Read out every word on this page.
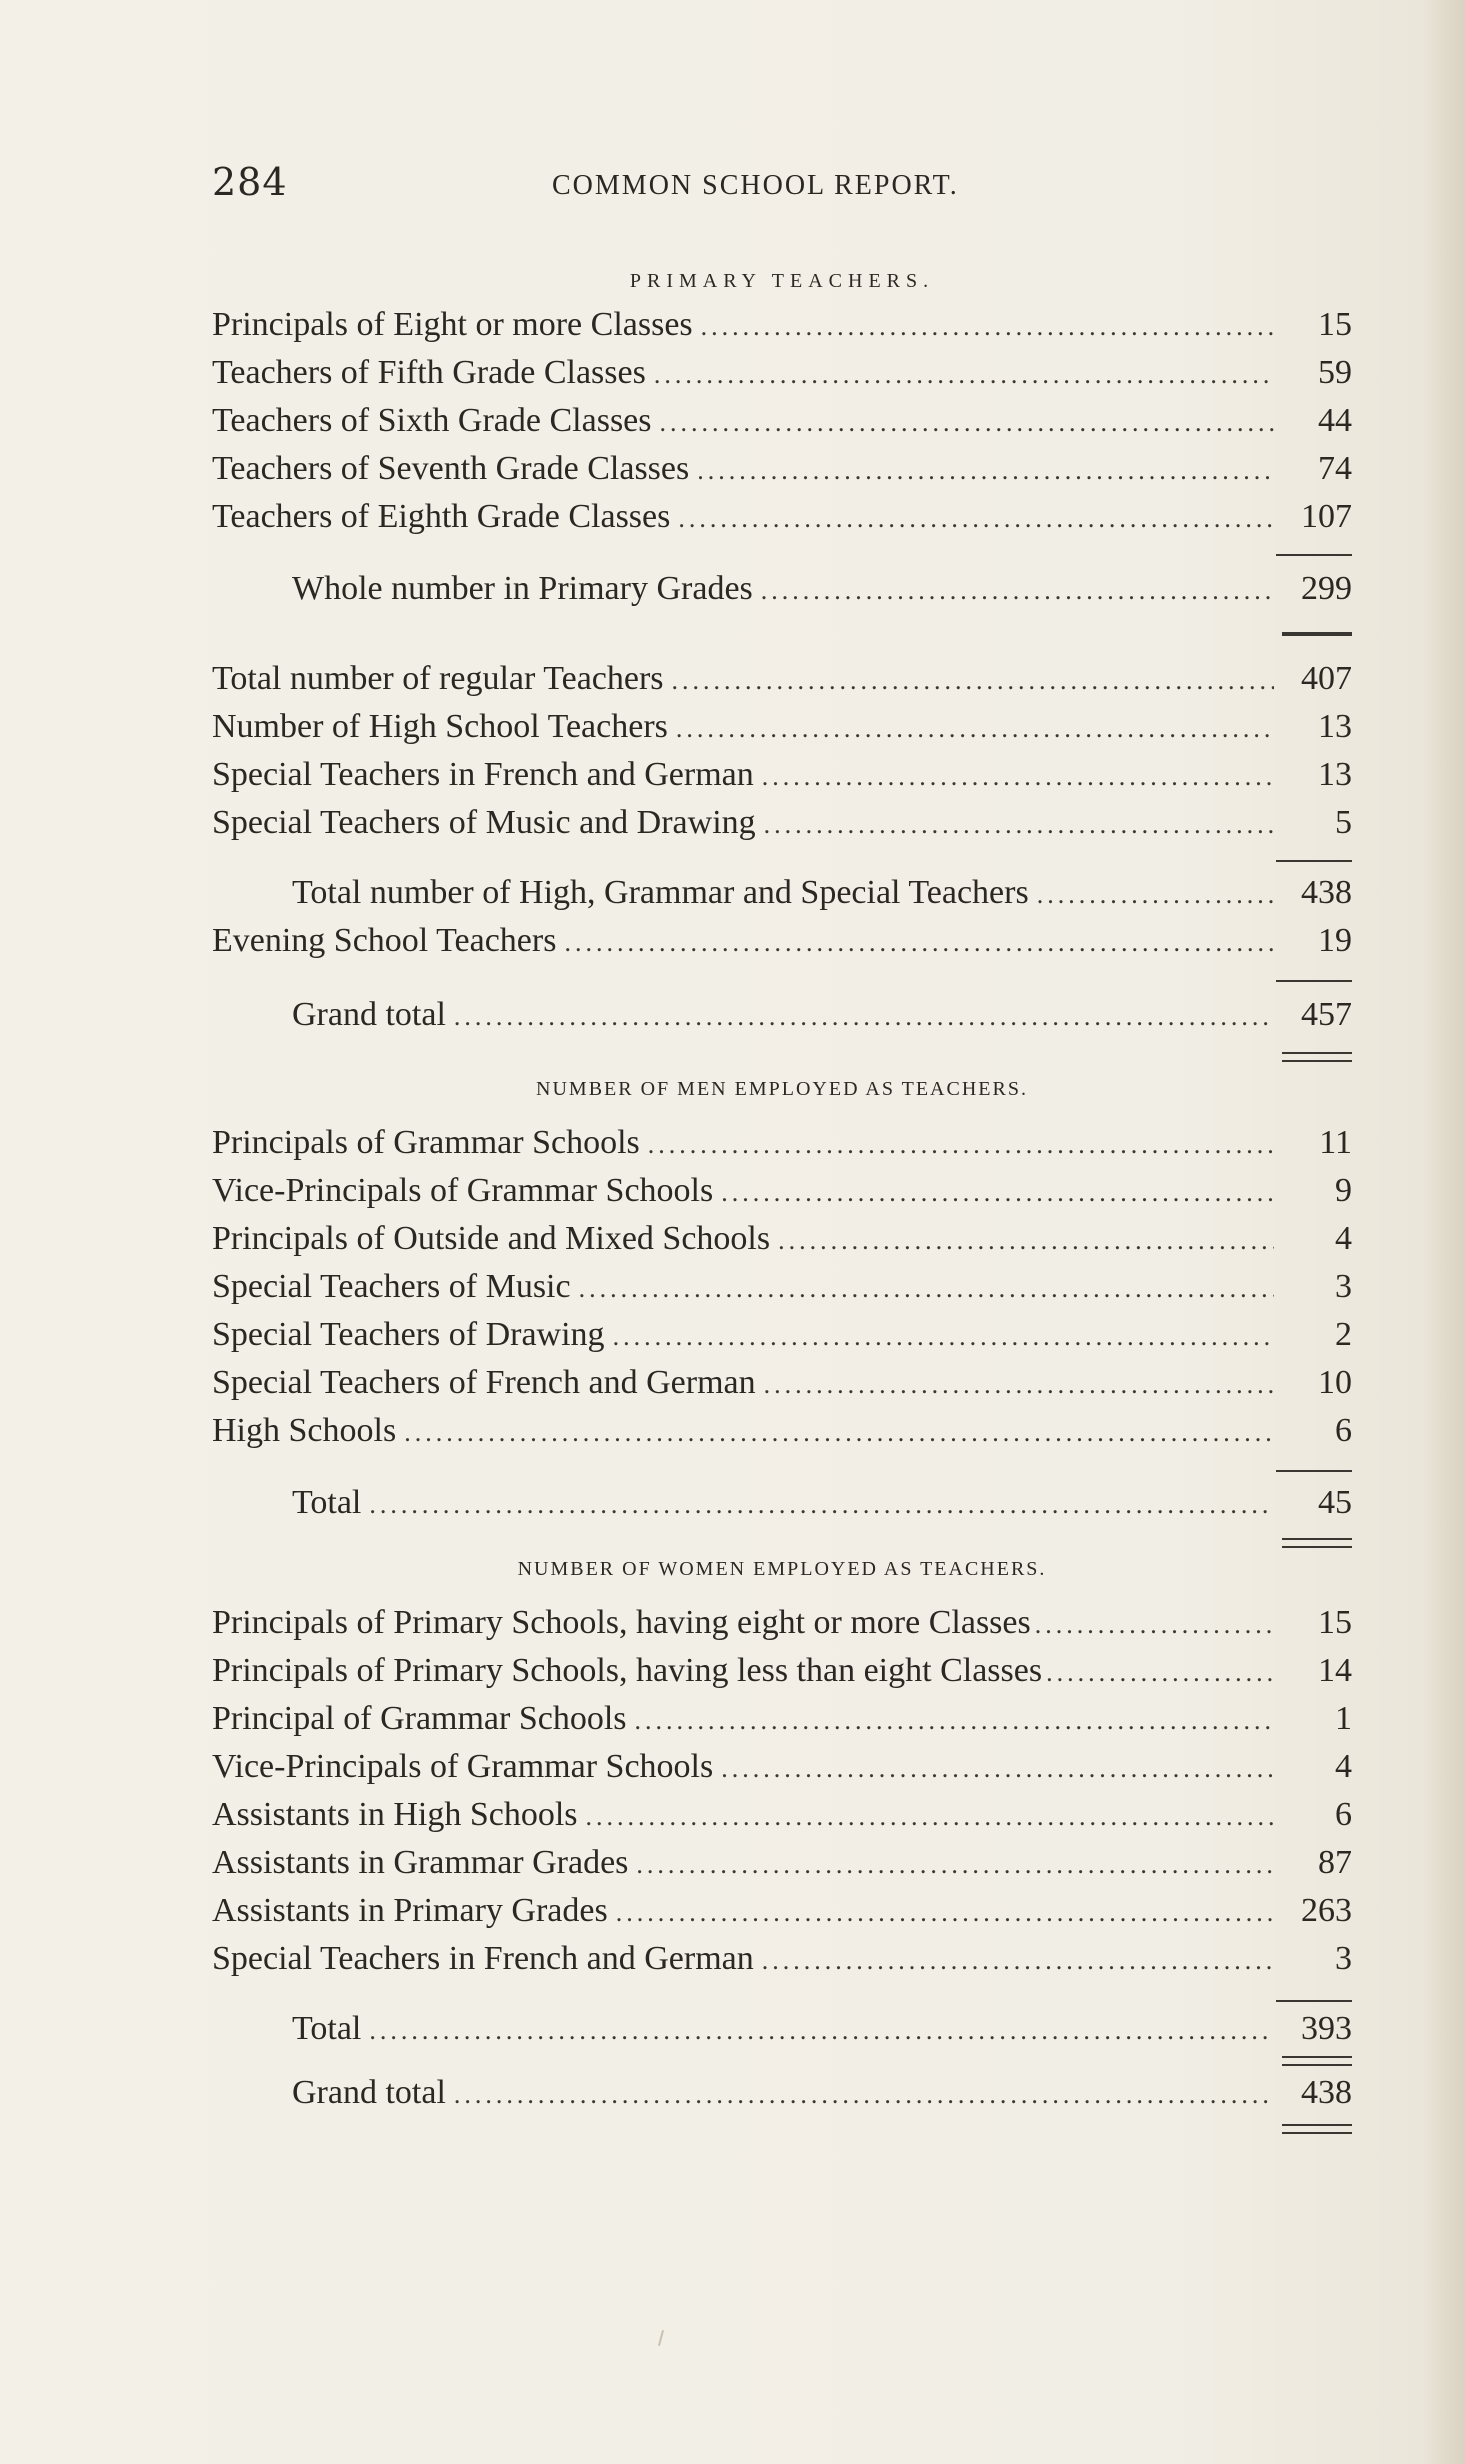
284	COMMON SCHOOL REPORT.
PRIMARY TEACHERS.
Principals of Eight or more Classes .....	15
Teachers of Fifth Grade Classes .....	59
Teachers of Sixth Grade Classes .....	44
Teachers of Seventh Grade Classes .....	74
Teachers of Eighth Grade Classes .....	107
Whole number in Primary Grades .....	299
Total number of regular Teachers .....	407
Number of High School Teachers .....	13
Special Teachers in French and German .....	13
Special Teachers of Music and Drawing .....	5
Total number of High, Grammar and Special Teachers .....	438
Evening School Teachers .....	19
Grand total .....	457
NUMBER OF MEN EMPLOYED AS TEACHERS.
Principals of Grammar Schools .....	11
Vice-Principals of Grammar Schools .....	9
Principals of Outside and Mixed Schools .....	4
Special Teachers of Music .....	3
Special Teachers of Drawing .....	2
Special Teachers of French and German .....	10
High Schools .....	6
Total .....	45
NUMBER OF WOMEN EMPLOYED AS TEACHERS.
Principals of Primary Schools, having eight or more Classes .....	15
Principals of Primary Schools, having less than eight Classes .....	14
Principal of Grammar Schools .....	1
Vice-Principals of Grammar Schools .....	4
Assistants in High Schools .....	6
Assistants in Grammar Grades .....	87
Assistants in Primary Grades .....	263
Special Teachers in French and German .....	3
Total .....	393
Grand total .....	438
